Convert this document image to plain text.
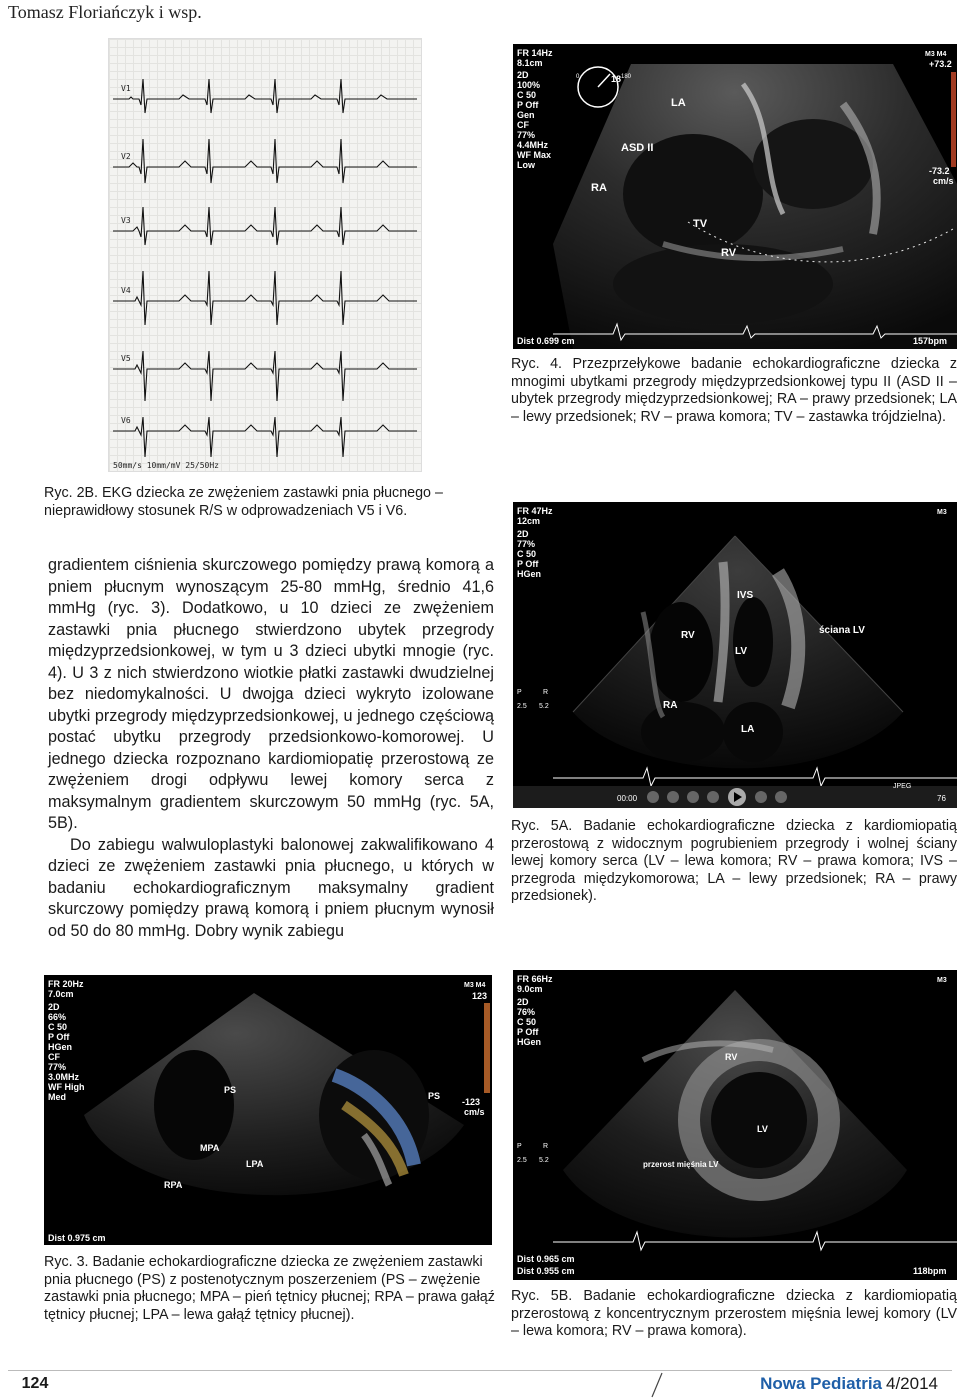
Tomasz Floriańczyk i wsp.
V1
V2
V3
V4
V5
V6
50mm/s 10mm/mV 25/50Hz
Ryc. 2B. EKG dziecka ze zwężeniem zastawki pnia płucnego – nieprawidłowy stosunek R/S w odprowadzeniach V5 i V6.
18
0	180
FR 14Hz
8.1cm
2D
100%
C 50
P Off
Gen
CF
77%
4.4MHz
WF Max
Low
M3 M4
+73.2
-73.2
cm/s
LA
ASD II
RA
TV
RV
Dist 0.699 cm	157bpm
Ryc. 4. Przezprzełykowe badanie echokardiograficzne dziecka z mnogimi ubytkami przegrody międzyprzedsionkowej typu II (ASD II – ubytek przegrody międzyprzedsionkowej; RA – prawy przedsionek; LA – lewy przedsionek; RV – prawa komora; TV – zastawka trójdzielna).
FR 47Hz
12cm
2D
77%
C 50
P Off
HGen
M3
IVS
RV	ściana LV
LV
RA
LA
P	R
2.5 5.2
00:00
JPEG
76
Ryc. 5A. Badanie echokardiograficzne dziecka z kardiomiopatią przerostową z widocznym pogrubieniem przegrody i wolnej ściany lewej komory serca (LV – lewa komora; RV – prawa komora; IVS – przegroda międzykomorowa; LA – lewy przedsionek; RA – prawy przedsionek).

gradientem ciśnienia skurczowego pomiędzy prawą komorą a pniem płucnym wynoszącym 25-80 mmHg, średnio 41,6 mmHg (ryc. 3). Dodatkowo, u 10 dzieci ze zwężeniem zastawki pnia płucnego stwierdzono ubytek przegrody międzyprzedsionkowej, w tym u 3 dzieci ubytki mnogie (ryc. 4). U 3 z nich stwierdzono wiotkie płatki zastawki dwudzielnej bez niedomykalności. U dwojga dzieci wykryto izolowane ubytki przegrody międzyprzedsionkowej, u jednego częściową postać ubytku przegrody przedsionkowo-komorowej. U jednego dziecka rozpoznano kardiomiopatię przerostową ze zwężeniem drogi odpływu lewej komory serca z maksymalnym gradientem skurczowym 50 mmHg (ryc. 5A, 5B).

Do zabiegu walwuloplastyki balonowej zakwalifikowano 4 dzieci ze zwężeniem zastawki pnia płucnego, u których w badaniu echokardiograficznym maksymalny gradient skurczowy pomiędzy prawą komorą i pniem płucnym wynosił od 50 do 80 mmHg. Dobry wynik zabiegu

FR 20Hz
7.0cm
2D
66%
C 50
P Off
HGen
CF
77%
3.0MHz
WF High
Med
M3 M4
123
-123
cm/s
PS
MPA
LPA
RPA
PS
Dist 0.975 cm
Ryc. 3. Badanie echokardiograficzne dziecka ze zwężeniem zastawki pnia płucnego (PS) z postenotycznym poszerzeniem (PS – zwężenie zastawki pnia płucnego; MPA – pień tętnicy płucnej; RPA – prawa gałąź tętnicy płucnej; LPA – lewa gałąź tętnicy płucnej).
FR 66Hz
9.0cm
2D
76%
C 50
P Off
HGen
M3
RV
LV
przerost mięśnia LV
P	R
2.5 5.2
Dist 0.965 cm
Dist 0.955 cm	118bpm
Ryc. 5B. Badanie echokardiograficzne dziecka z kardiomiopatią przerostową z koncentrycznym przerostem mięśnia lewej komory (LV – lewa komora; RV – prawa komora).
124	Nowa Pediatria 4/2014
